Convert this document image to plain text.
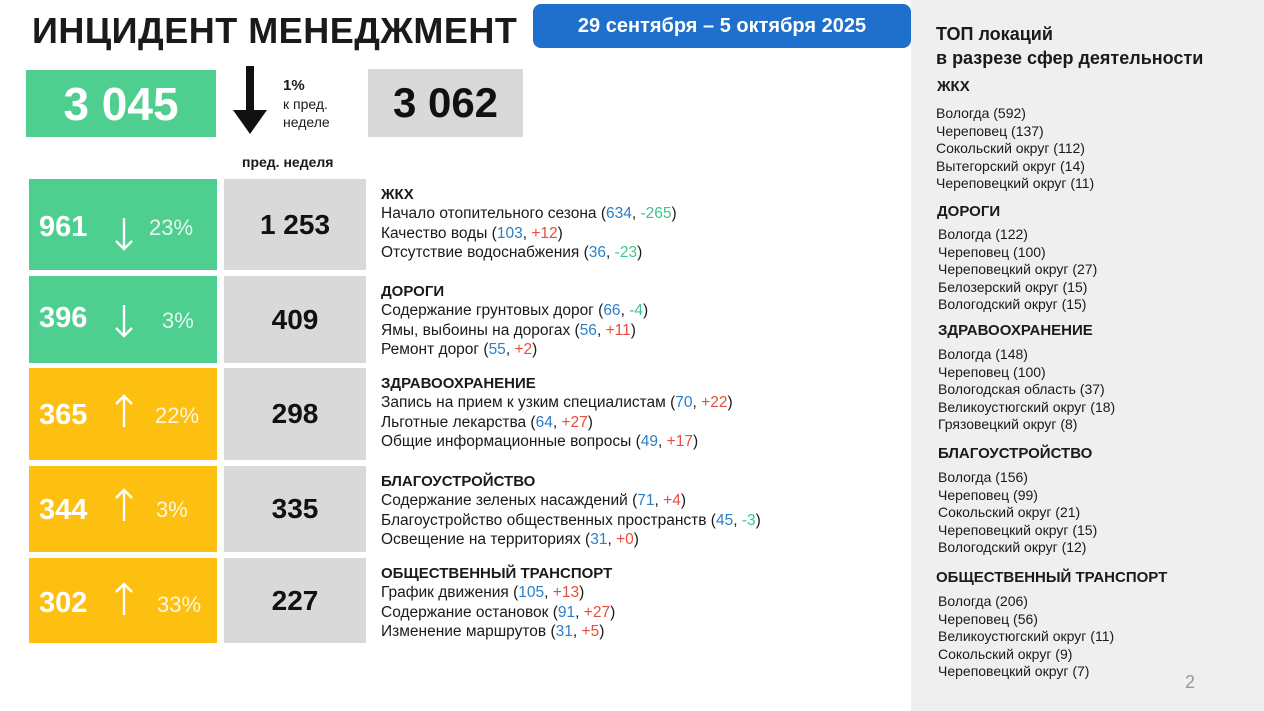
ИНЦИДЕНТ МЕНЕДЖМЕНТ	29 сентября – 5 октября 2025
3 045	1%
к пред.
неделе	3 062
пред. неделя
961	23%	1 253
ЖКХ
Начало отопительного сезона (634, -265)
Качество воды (103, +12)
Отсутствие водоснабжения (36, -23)
396	3%	409
ДОРОГИ
Содержание грунтовых дорог (66, -4)
Ямы, выбоины на дорогах (56, +11)
Ремонт дорог (55, +2)
365	22%	298
ЗДРАВООХРАНЕНИЕ
Запись на прием к узким специалистам (70, +22)
Льготные лекарства (64, +27)
Общие информационные вопросы (49, +17)
344	3%	335
БЛАГОУСТРОЙСТВО
Содержание зеленых насаждений (71, +4)
Благоустройство общественных пространств (45, -3)
Освещение на территориях (31, +0)
302	33%	227
ОБЩЕСТВЕННЫЙ ТРАНСПОРТ
График движения (105, +13)
Содержание остановок (91, +27)
Изменение маршрутов (31, +5)
ТОП локаций
в разрезе сфер деятельности
ЖКХ
Вологда (592)
Череповец (137)
Сокольский округ (112)
Вытегорский округ (14)
Череповецкий округ (11)
ДОРОГИ
Вологда (122)
Череповец (100)
Череповецкий округ (27)
Белозерский округ (15)
Вологодский округ (15)
ЗДРАВООХРАНЕНИЕ
Вологда (148)
Череповец (100)
Вологодская область (37)
Великоустюгский округ (18)
Грязовецкий округ (8)
БЛАГОУСТРОЙСТВО
Вологда (156)
Череповец (99)
Сокольский округ (21)
Череповецкий округ (15)
Вологодский округ (12)
ОБЩЕСТВЕННЫЙ ТРАНСПОРТ
Вологда (206)
Череповец (56)
Великоустюгский округ (11)
Сокольский округ (9)
Череповецкий округ (7)
2
